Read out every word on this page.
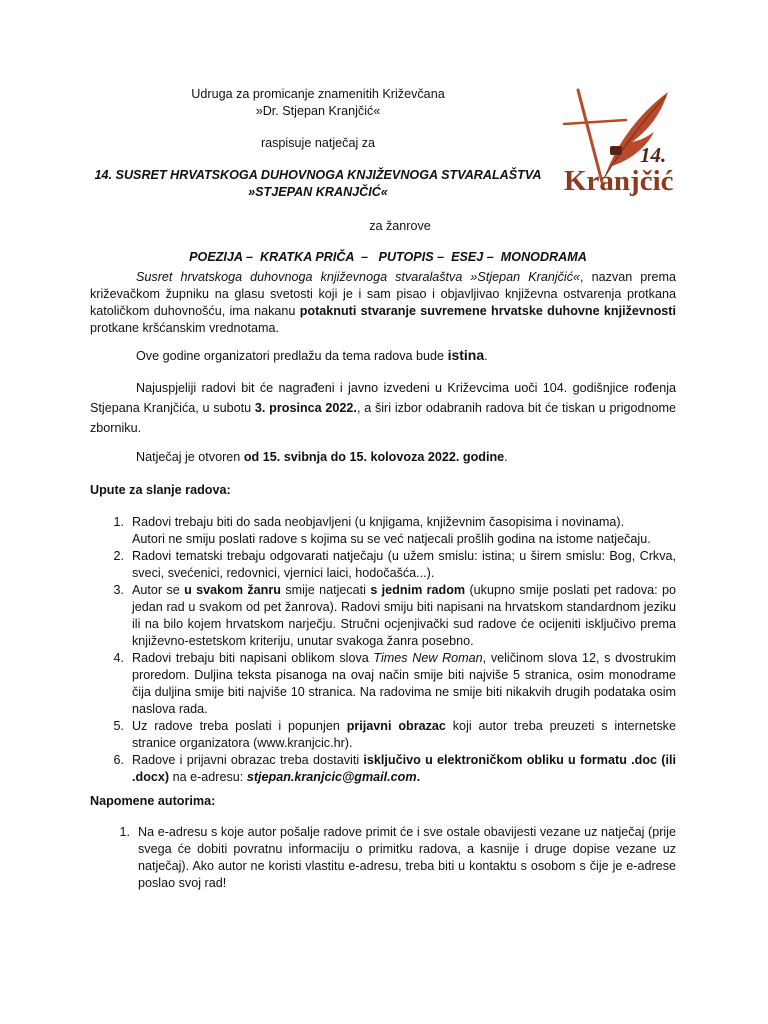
Udruga za promicanje znamenitih Križevčana
»Dr. Stjepan Kranjčić«
raspisuje natječaj za
14. SUSRET HRVATSKOGA DUHOVNOGA KNJIŽEVNOGA STVARALAŠTVA
»STJEPAN KRANJČIĆ«
za žanrove
POEZIJA –  KRATKA PRIČA  –   PUTOPIS –  ESEJ –  MONODRAMA
14.
Kranjčić
Susret hrvatskoga duhovnoga književnoga stvaralaštva »Stjepan Kranjčić«, nazvan prema križevačkom župniku na glasu svetosti koji je i sam pisao i objavljivao književna ostvarenja protkana katoličkom duhovnošću, ima nakanu potaknuti stvaranje suvremene hrvatske duhovne književnosti protkane kršćanskim vrednotama.
Ove godine organizatori predlažu da tema radova bude istina.
Najuspjeliji radovi bit će nagrađeni i javno izvedeni u Križevcima uoči 104. godišnjice rođenja Stjepana Kranjčića, u subotu 3. prosinca 2022., a širi izbor odabranih radova bit će tiskan u prigodnome zborniku.
Natječaj je otvoren od 15. svibnja do 15. kolovoza 2022. godine.
Upute za slanje radova:
1. Radovi trebaju biti do sada neobjavljeni (u knjigama, književnim časopisima i novinama).
Autori ne smiju poslati radove s kojima su se već natjecali prošlih godina na istome natječaju.
2. Radovi tematski trebaju odgovarati natječaju (u užem smislu: istina; u širem smislu: Bog, Crkva, sveci, svećenici, redovnici, vjernici laici, hodočašća...).
3. Autor se u svakom žanru smije natjecati s jednim radom (ukupno smije poslati pet radova: po jedan rad u svakom od pet žanrova). Radovi smiju biti napisani na hrvatskom standardnom jeziku ili na bilo kojem hrvatskom narječju. Stručni ocjenjivački sud radove će ocijeniti isključivo prema književno-estetskom kriteriju, unutar svakoga žanra posebno.
4. Radovi trebaju biti napisani oblikom slova Times New Roman, veličinom slova 12, s dvostrukim proredom. Duljina teksta pisanoga na ovaj način smije biti najviše 5 stranica, osim monodrame čija duljina smije biti najviše 10 stranica. Na radovima ne smije biti nikakvih drugih podataka osim naslova rada.
5. Uz radove treba poslati i popunjen prijavni obrazac koji autor treba preuzeti s internetske stranice organizatora (www.kranjcic.hr).
6. Radove i prijavni obrazac treba dostaviti isključivo u elektroničkom obliku u formatu .doc (ili .docx) na e-adresu: stjepan.kranjcic@gmail.com.
Napomene autorima:
1. Na e-adresu s koje autor pošalje radove primit će i sve ostale obavijesti vezane uz natječaj (prije svega će dobiti povratnu informaciju o primitku radova, a kasnije i druge dopise vezane uz natječaj). Ako autor ne koristi vlastitu e-adresu, treba biti u kontaktu s osobom s čije je e-adrese poslao svoj rad!
